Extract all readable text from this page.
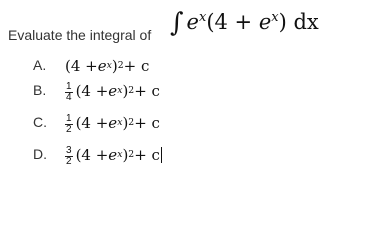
Evaluate the integral of ∫ $e^x(4 + e^x)$ dx
A. (4 + e x ) 2 + c
B. $\frac{1}{4} (4 + e$ x ) 2 + c
C. $\frac{1}{2} (4 + e$ x ) 2 + c
D. $\frac{3}{2} (4 + e$ x ) 2 + c
